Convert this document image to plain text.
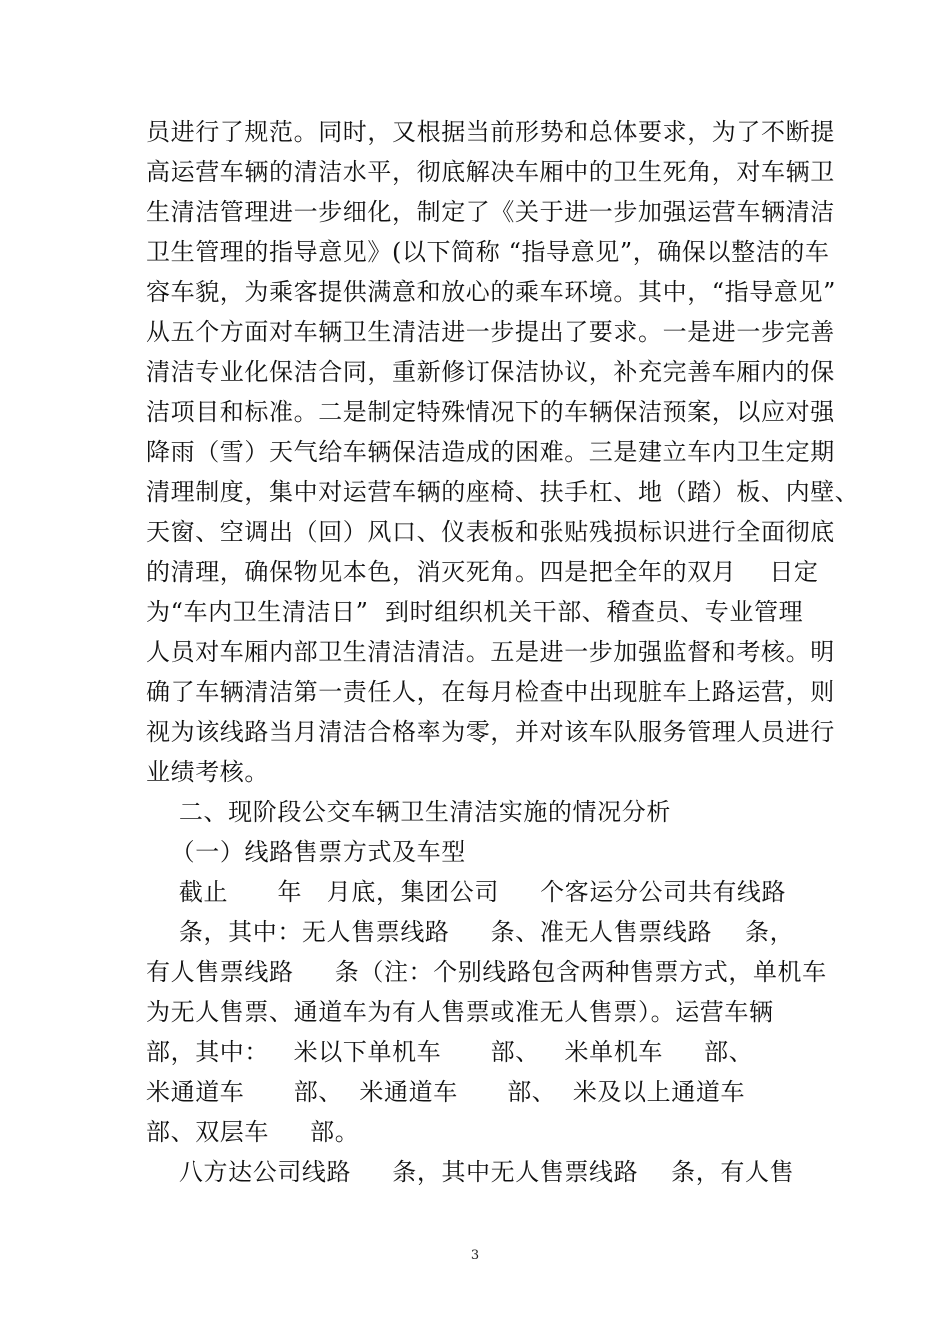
员进行了规范。同时，又根据当前形势和总体要求，为了不断提
高运营车辆的清洁水平，彻底解决车厢中的卫生死角，对车辆卫
生清洁管理进一步细化，制定了《关于进一步加强运营车辆清洁
卫生管理的指导意见》(以下简称 “指导意见”，确保以整洁的车
容车貌，为乘客提供满意和放心的乘车环境。其中，“指导意见”
从五个方面对车辆卫生清洁进一步提出了要求。一是进一步完善
清洁专业化保洁合同，重新修订保洁协议，补充完善车厢内的保
洁项目和标准。二是制定特殊情况下的车辆保洁预案，以应对强
降雨（雪）天气给车辆保洁造成的困难。三是建立车内卫生定期
清理制度，集中对运营车辆的座椅、扶手杠、地（踏）板、内壁、
天窗、空调出（回）风口、仪表板和张贴残损标识进行全面彻底
的清理，确保物见本色，消灭死角。四是把全年的双月    日定
为“车内卫生清洁日”  到时组织机关干部、稽查员、专业管理
人员对车厢内部卫生清洁清洁。五是进一步加强监督和考核。明
确了车辆清洁第一责任人，在每月检查中出现脏车上路运营，则
视为该线路当月清洁合格率为零，并对该车队服务管理人员进行
业绩考核。
二、现阶段公交车辆卫生清洁实施的情况分析
（一）线路售票方式及车型
截止      年   月底，集团公司     个客运分公司共有线路
条，其中：无人售票线路     条、准无人售票线路    条，
有人售票线路     条（注：个别线路包含两种售票方式，单机车
为无人售票、通道车为有人售票或准无人售票）。运营车辆
部，其中：   米以下单机车      部、   米单机车     部、
米通道车      部、  米通道车      部、  米及以上通道车
部、双层车     部。
八方达公司线路     条，其中无人售票线路    条，有人售
3
